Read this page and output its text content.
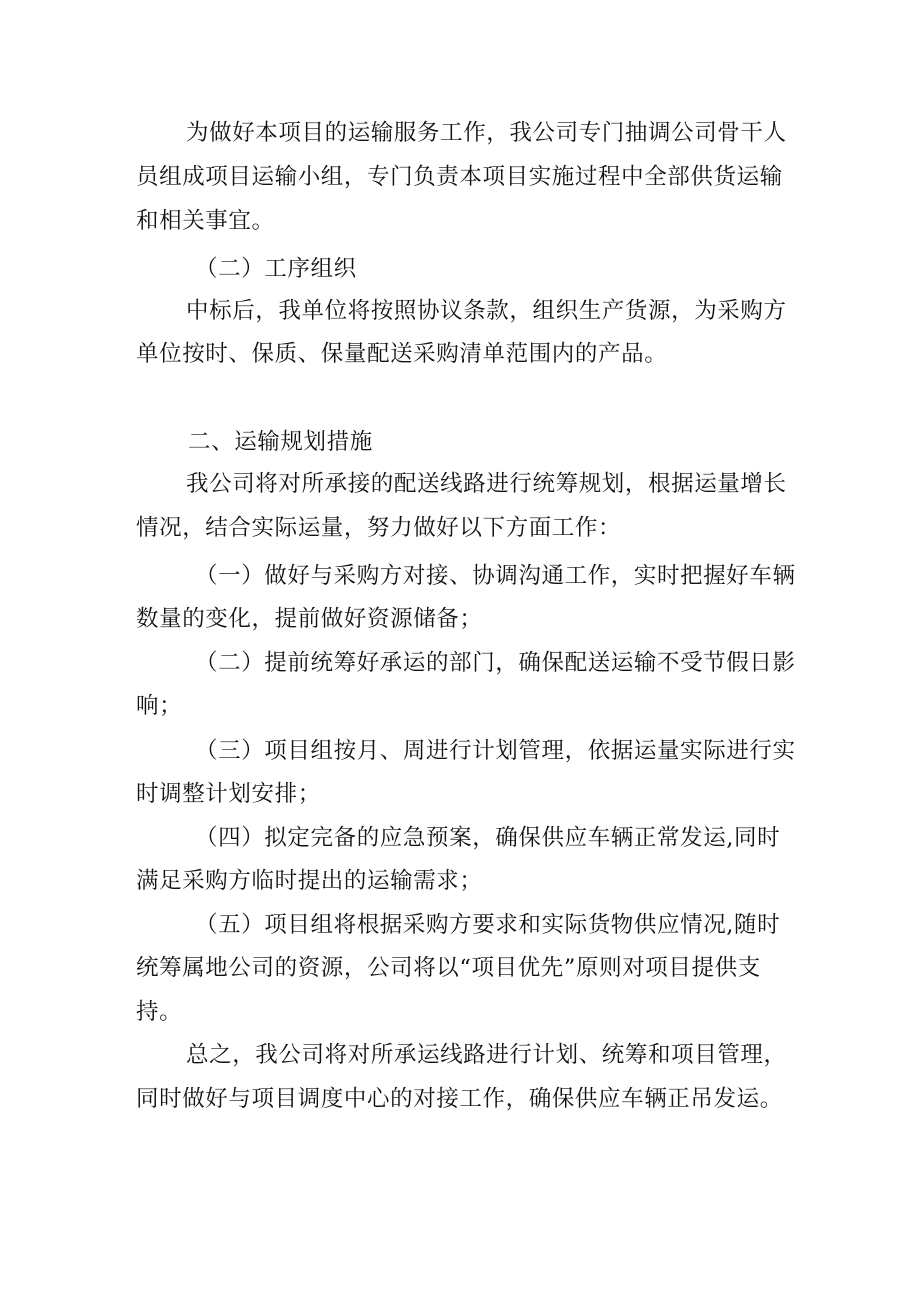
为做好本项目的运输服务工作，我公司专门抽调公司骨干人
员组成项目运输小组，专门负责本项目实施过程中全部供货运输
和相关事宜。
（二）工序组织
中标后，我单位将按照协议条款，组织生产货源，为采购方
单位按时、保质、保量配送采购清单范围内的产品。
二、运输规划措施
我公司将对所承接的配送线路进行统筹规划，根据运量增长
情况，结合实际运量，努力做好以下方面工作：
（一）做好与采购方对接、协调沟通工作，实时把握好车辆
数量的变化，提前做好资源储备；
（二）提前统筹好承运的部门，确保配送运输不受节假日影
响；
（三）项目组按月、周进行计划管理，依据运量实际进行实
时调整计划安排；
（四）拟定完备的应急预案，确保供应车辆正常发运,同时
满足采购方临时提出的运输需求；
（五）项目组将根据采购方要求和实际货物供应情况,随时
统筹属地公司的资源，公司将以“项目优先”原则对项目提供支
持。
总之，我公司将对所承运线路进行计划、统筹和项目管理，
同时做好与项目调度中心的对接工作，确保供应车辆正吊发运。
